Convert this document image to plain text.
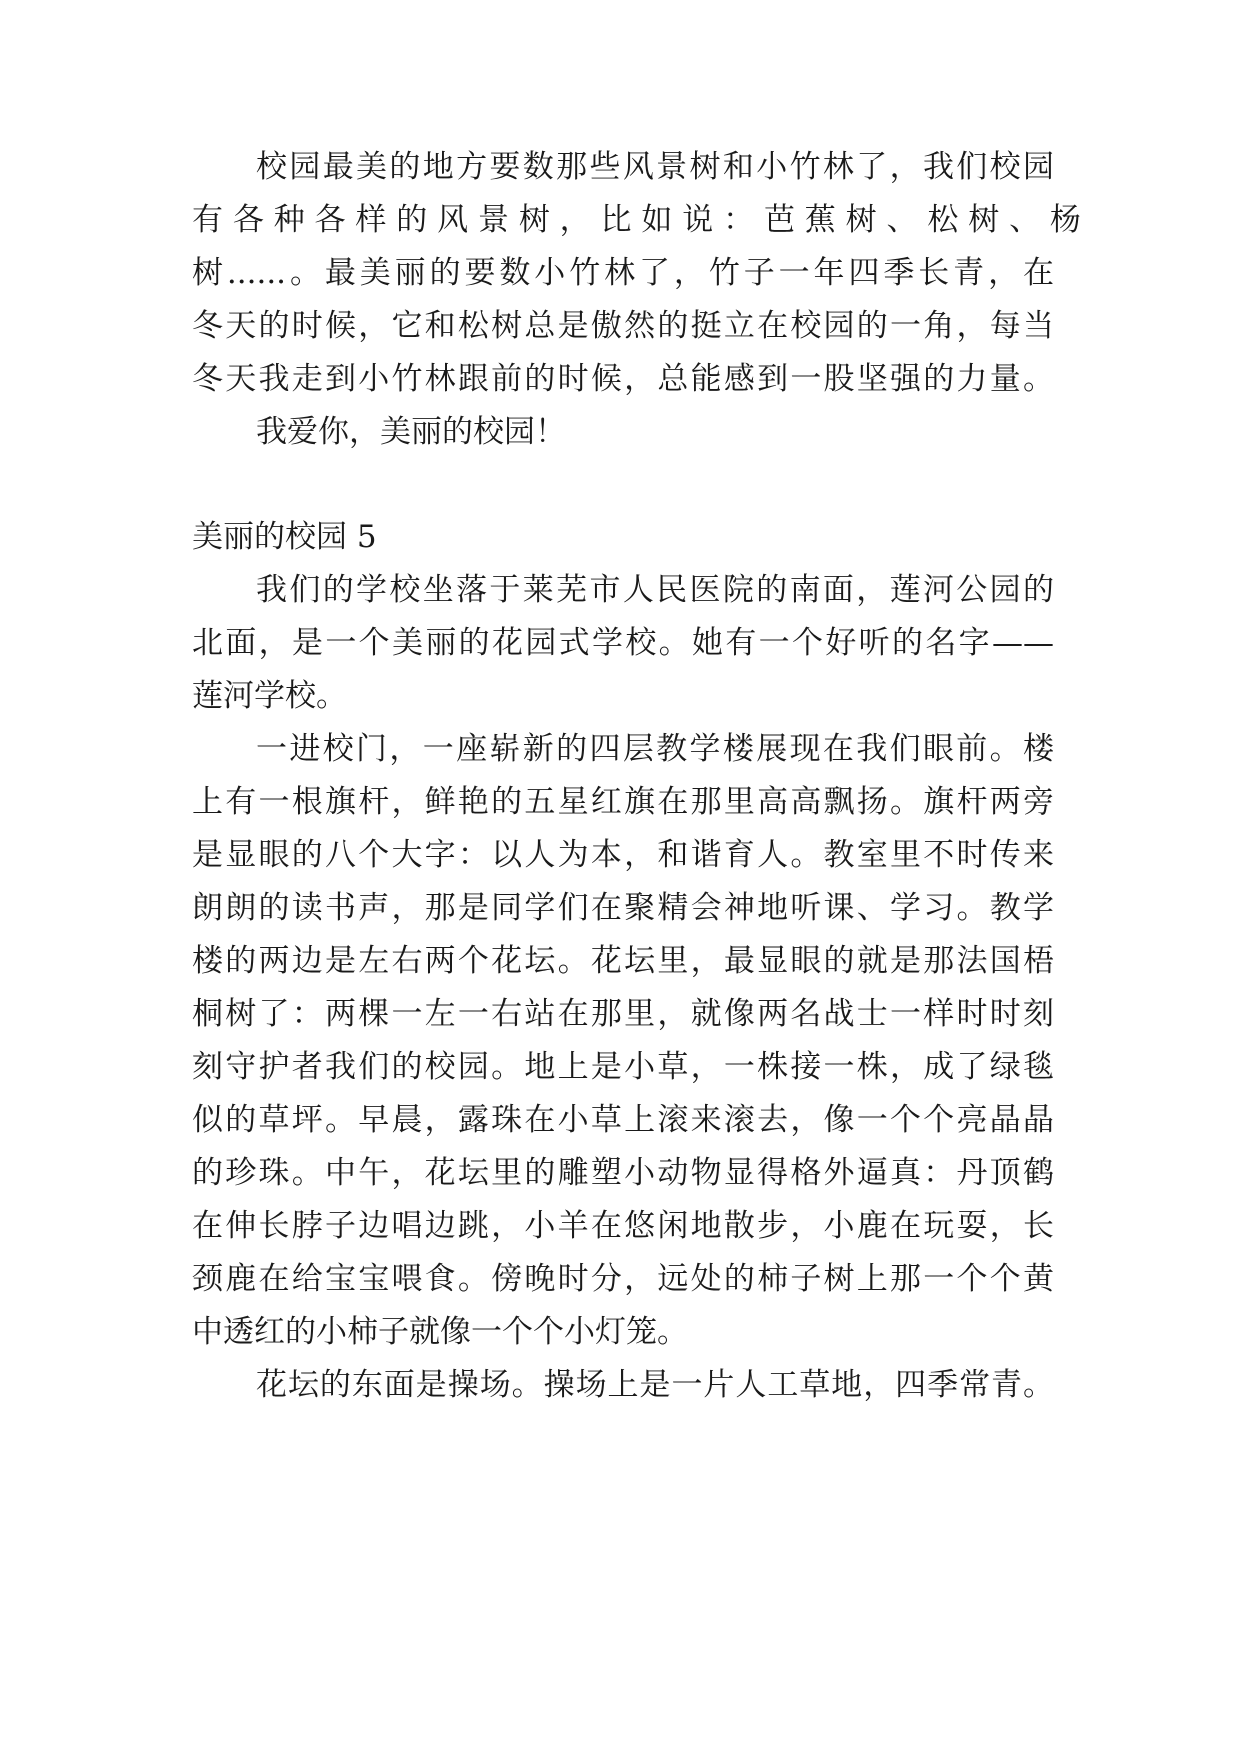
校园最美的地方要数那些风景树和小竹林了，我们校园
有 各 种 各 样 的 风 景 树 ， 比 如 说 ： 芭 蕉 树 、 松 树 、 杨
树......。最美丽的要数小竹林了，竹子一年四季长青，在
冬天的时候，它和松树总是傲然的挺立在校园的一角，每当
冬天我走到小竹林跟前的时候，总能感到一股坚强的力量。
我爱你，美丽的校园！
美丽的校园 5
我们的学校坐落于莱芜市人民医院的南面，莲河公园的
北面，是一个美丽的花园式学校。她有一个好听的名字——
莲河学校。
一进校门，一座崭新的四层教学楼展现在我们眼前。楼
上有一根旗杆，鲜艳的五星红旗在那里高高飘扬。旗杆两旁
是显眼的八个大字：以人为本，和谐育人。教室里不时传来
朗朗的读书声，那是同学们在聚精会神地听课、学习。教学
楼的两边是左右两个花坛。花坛里，最显眼的就是那法国梧
桐树了：两棵一左一右站在那里，就像两名战士一样时时刻
刻守护者我们的校园。地上是小草，一株接一株，成了绿毯
似的草坪。早晨，露珠在小草上滚来滚去，像一个个亮晶晶
的珍珠。中午，花坛里的雕塑小动物显得格外逼真：丹顶鹤
在伸长脖子边唱边跳，小羊在悠闲地散步，小鹿在玩耍，长
颈鹿在给宝宝喂食。傍晚时分，远处的柿子树上那一个个黄
中透红的小柿子就像一个个小灯笼。
花坛的东面是操场。操场上是一片人工草地，四季常青。
